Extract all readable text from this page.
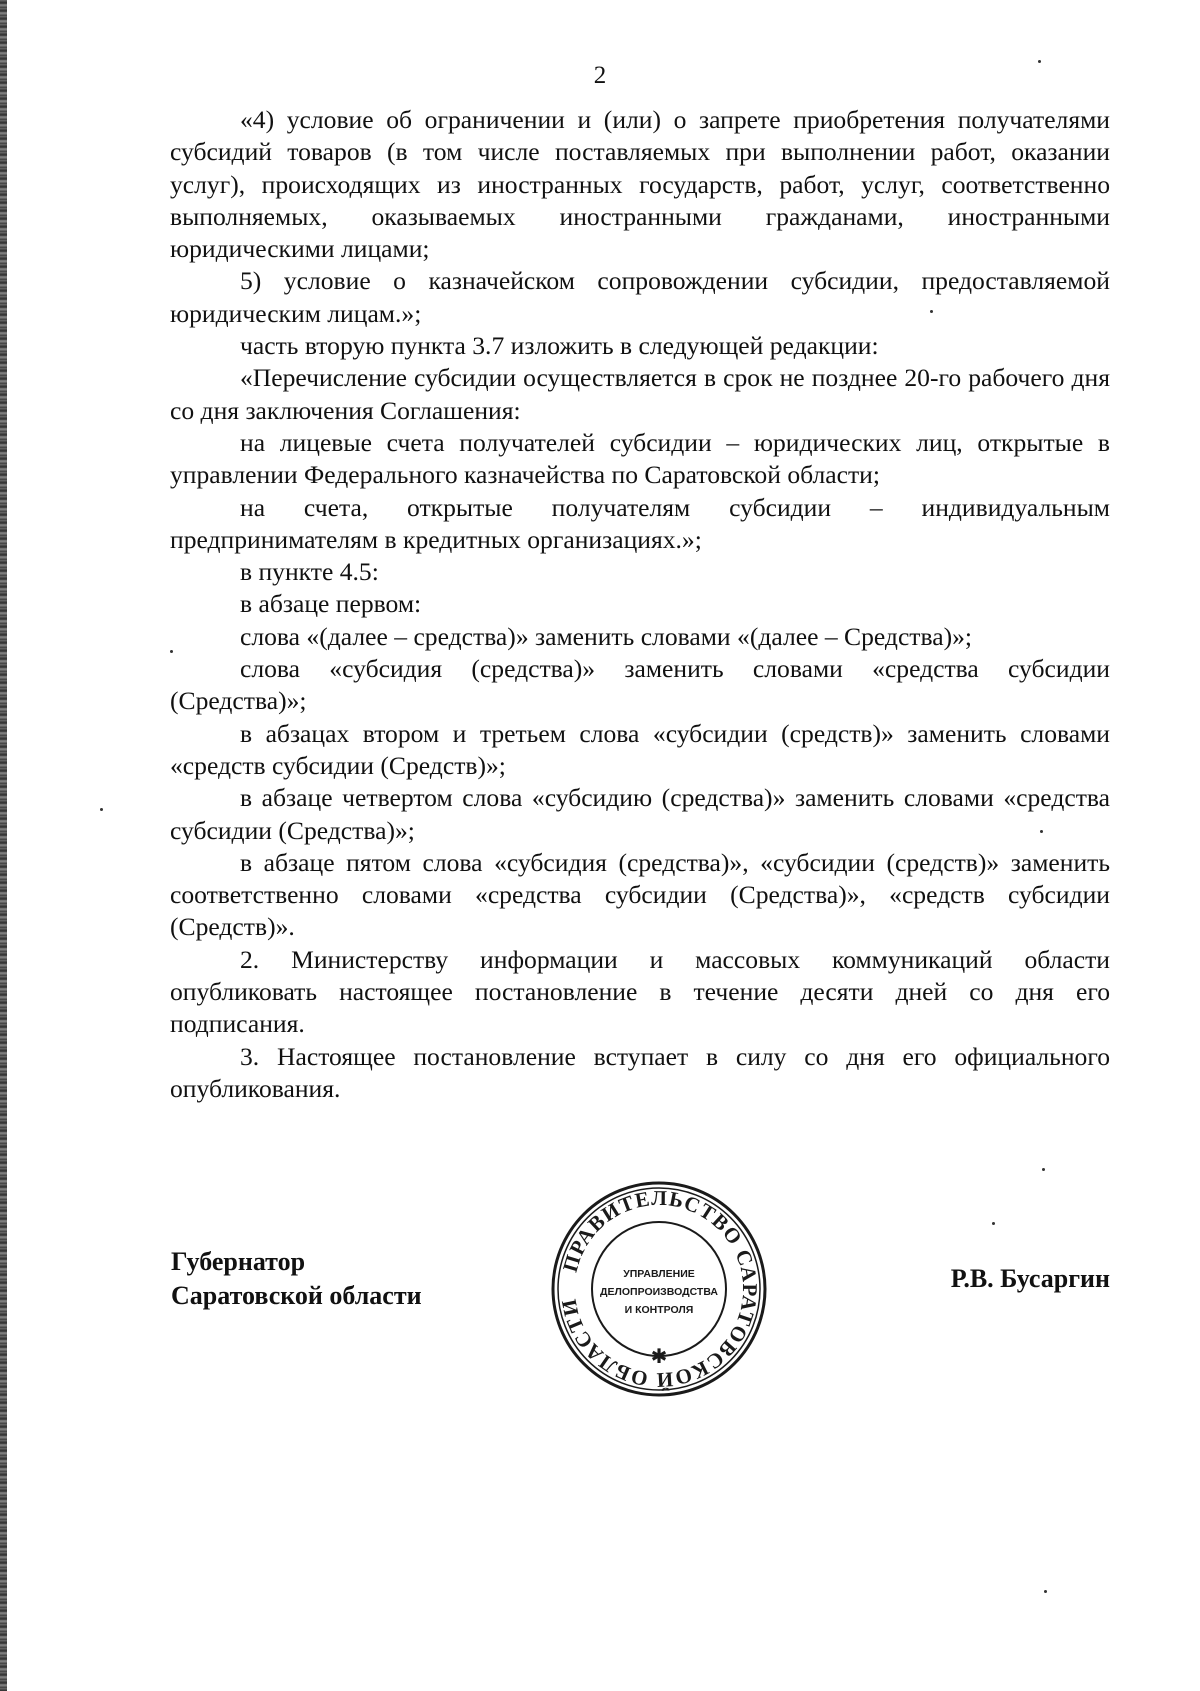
2

«4) условие об ограничении и (или) о запрете приобретения получателями субсидий товаров (в том числе поставляемых при выполнении работ, оказании услуг), происходящих из иностранных государств, работ, услуг, соответственно выполняемых, оказываемых иностранными гражданами, иностранными юридическими лицами;

5) условие о казначейском сопровождении субсидии, предоставляемой юридическим лицам.»;

часть вторую пункта 3.7 изложить в следующей редакции:

«Перечисление субсидии осуществляется в срок не позднее 20-го рабочего дня со дня заключения Соглашения:

на лицевые счета получателей субсидии – юридических лиц, открытые в управлении Федерального казначейства по Саратовской области;

на счета, открытые получателям субсидии – индивидуальным предпринимателям в кредитных организациях.»;

в пункте 4.5:

в абзаце первом:

слова «(далее – средства)» заменить словами «(далее – Средства)»;

слова «субсидия (средства)» заменить словами «средства субсидии (Средства)»;

в абзацах втором и третьем слова «субсидии (средств)» заменить словами «средств субсидии (Средств)»;

в абзаце четвертом слова «субсидию (средства)» заменить словами «средства субсидии (Средства)»;

в абзаце пятом слова «субсидия (средства)», «субсидии (средств)» заменить соответственно словами «средства субсидии (Средства)», «средств субсидии (Средств)».

2. Министерству информации и массовых коммуникаций области опубликовать настоящее постановление в течение десяти дней со дня его подписания.

3. Настоящее постановление вступает в силу со дня его официального опубликования.

Губернатор
Саратовской области
ПРАВИТЕЛЬСТВО САРАТОВСКОЙ ОБЛАСТИ
✱
УПРАВЛЕНИЕ
ДЕЛОПРОИЗВОДСТВА
И КОНТРОЛЯ
Р.В. Бусаргин
